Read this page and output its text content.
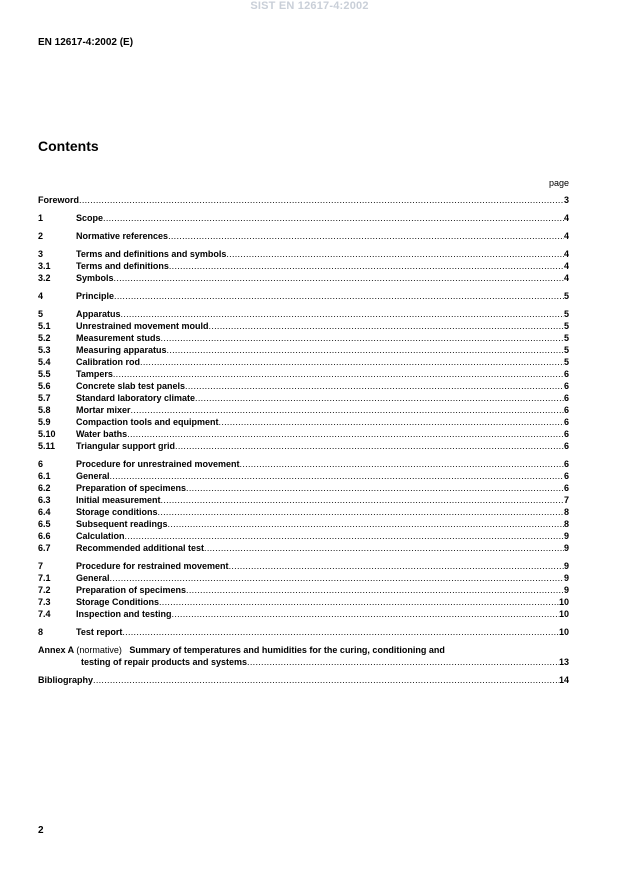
SIST EN 12617-4:2002
EN 12617-4:2002 (E)
Contents
page
Foreword .....	3
1	Scope .....	4
2	Normative references .....	4
3	Terms and definitions and symbols .....	4
3.1	Terms and definitions .....	4
3.2	Symbols .....	4
4	Principle .....	5
5	Apparatus .....	5
5.1	Unrestrained movement mould .....	5
5.2	Measurement studs .....	5
5.3	Measuring apparatus .....	5
5.4	Calibration rod .....	5
5.5	Tampers .....	6
5.6	Concrete slab test panels .....	6
5.7	Standard laboratory climate .....	6
5.8	Mortar mixer .....	6
5.9	Compaction tools and equipment .....	6
5.10	Water baths .....	6
5.11	Triangular support grid .....	6
6	Procedure for unrestrained movement .....	6
6.1	General .....	6
6.2	Preparation of specimens .....	6
6.3	Initial measurement .....	7
6.4	Storage conditions .....	8
6.5	Subsequent readings .....	8
6.6	Calculation .....	9
6.7	Recommended additional test .....	9
7	Procedure for restrained movement .....	9
7.1	General .....	9
7.2	Preparation of specimens .....	9
7.3	Storage Conditions .....	10
7.4	Inspection and testing .....	10
8	Test report .....	10
Annex A (normative) Summary of temperatures and humidities for the curing, conditioning and
testing of repair products and systems .....	13
Bibliography .....	14
2
